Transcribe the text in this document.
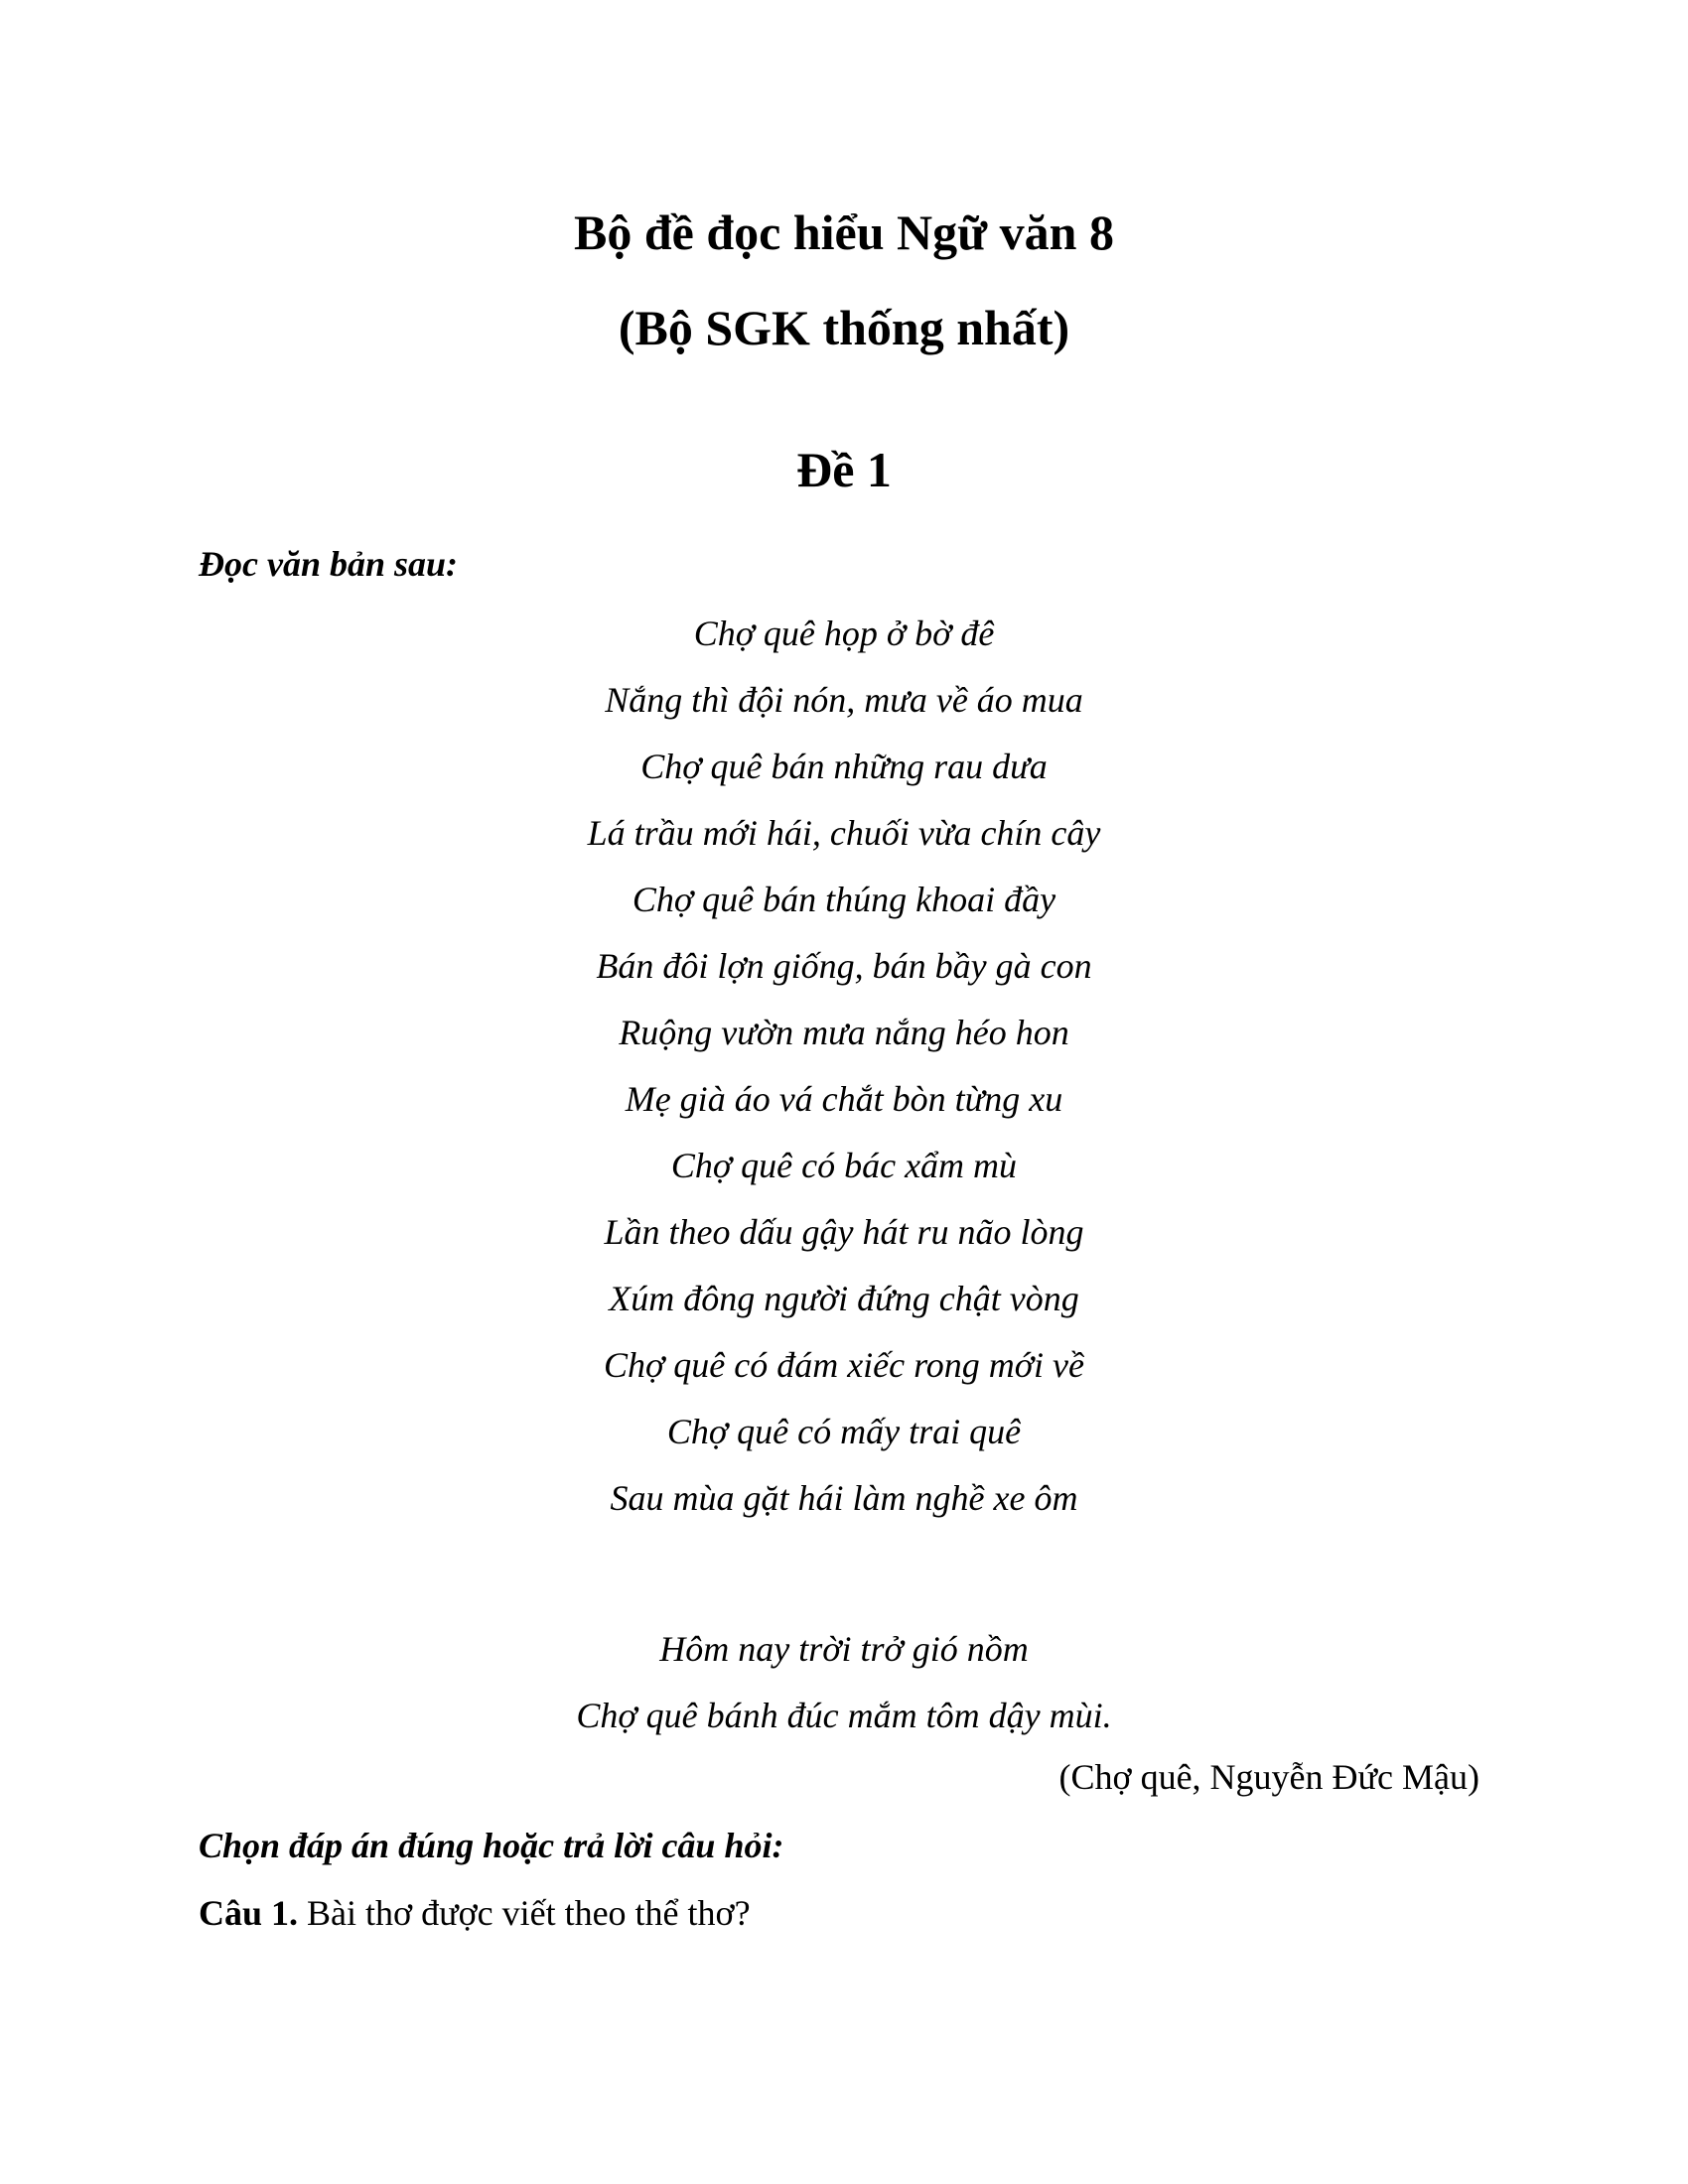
Bộ đề đọc hiểu Ngữ văn 8
(Bộ SGK thống nhất)
Đề 1

Đọc văn bản sau:

Chợ quê họp ở bờ đê
Nắng thì đội nón, mưa về áo mua
Chợ quê bán những rau dưa
Lá trầu mới hái, chuối vừa chín cây
Chợ quê bán thúng khoai đầy
Bán đôi lợn giống, bán bầy gà con
Ruộng vườn mưa nắng héo hon
Mẹ già áo vá chắt bòn từng xu
Chợ quê có bác xẩm mù
Lần theo dấu gậy hát ru não lòng
Xúm đông người đứng chật vòng
Chợ quê có đám xiếc rong mới về
Chợ quê có mấy trai quê
Sau mùa gặt hái làm nghề xe ôm
Hôm nay trời trở gió nồm
Chợ quê bánh đúc mắm tôm dậy mùi.

(Chợ quê, Nguyễn Đức Mậu)

Chọn đáp án đúng hoặc trả lời câu hỏi:

Câu 1. Bài thơ được viết theo thể thơ?
